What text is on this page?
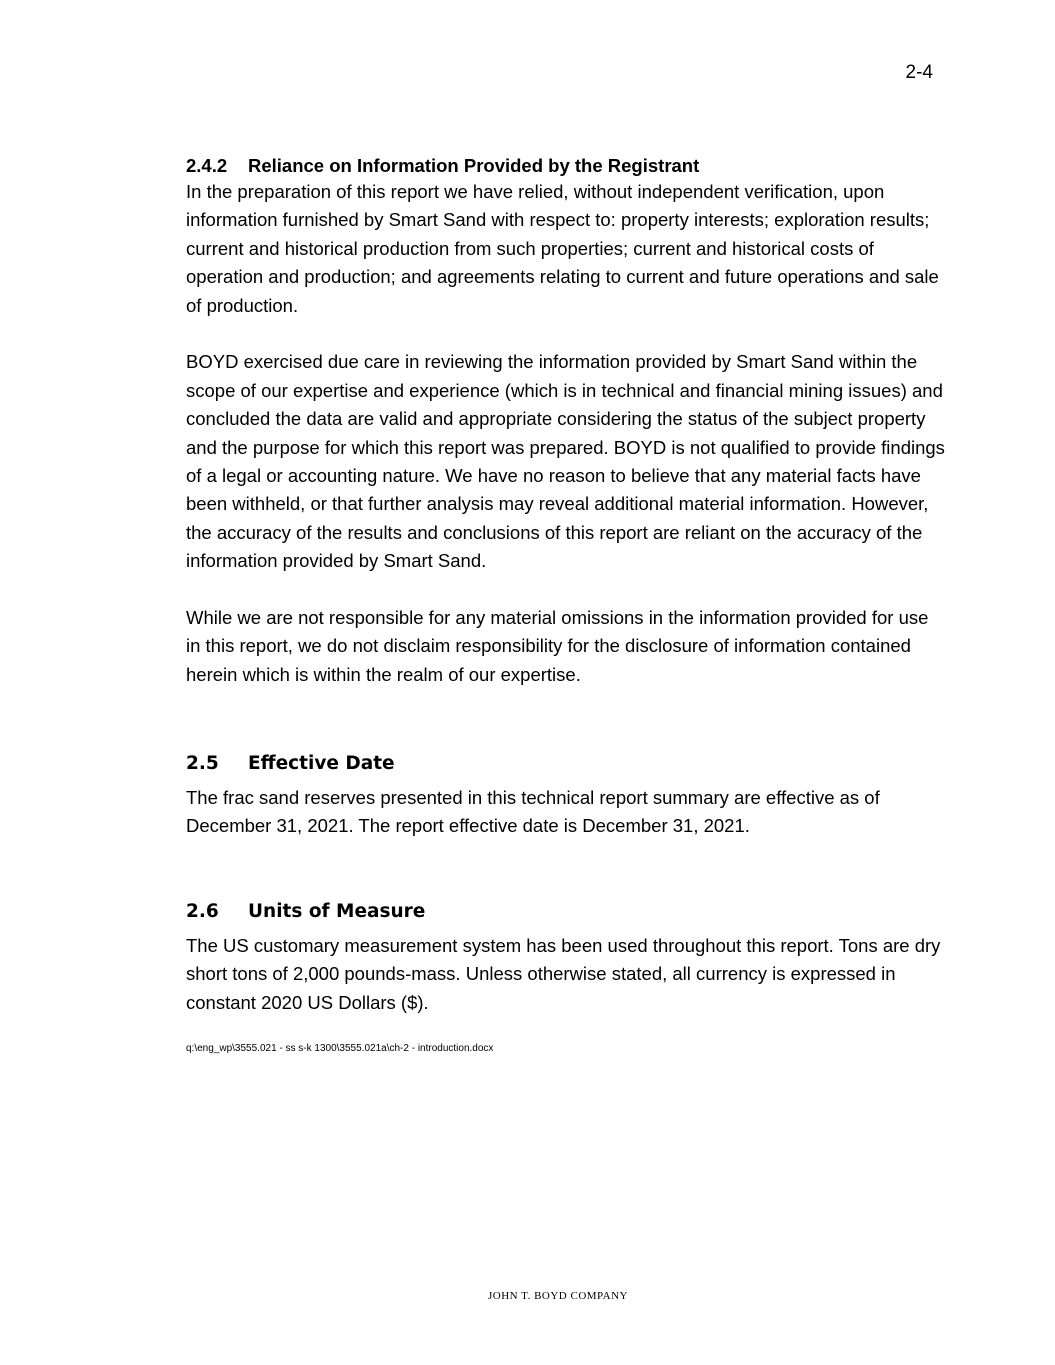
2-4
2.4.2 Reliance on Information Provided by the Registrant

In the preparation of this report we have relied, without independent verification, upon information furnished by Smart Sand with respect to: property interests; exploration results; current and historical production from such properties; current and historical costs of operation and production; and agreements relating to current and future operations and sale of production.

BOYD exercised due care in reviewing the information provided by Smart Sand within the scope of our expertise and experience (which is in technical and financial mining issues) and concluded the data are valid and appropriate considering the status of the subject property and the purpose for which this report was prepared. BOYD is not qualified to provide findings of a legal or accounting nature. We have no reason to believe that any material facts have been withheld, or that further analysis may reveal additional material information. However, the accuracy of the results and conclusions of this report are reliant on the accuracy of the information provided by Smart Sand.

While we are not responsible for any material omissions in the information provided for use in this report, we do not disclaim responsibility for the disclosure of information contained herein which is within the realm of our expertise.

2.5 Effective Date

The frac sand reserves presented in this technical report summary are effective as of December 31, 2021. The report effective date is December 31, 2021.

2.6 Units of Measure

The US customary measurement system has been used throughout this report. Tons are dry short tons of 2,000 pounds-mass. Unless otherwise stated, all currency is expressed in constant 2020 US Dollars ($).

q:\eng_wp\3555.021 - ss s-k 1300\3555.021a\ch-2 - introduction.docx
JOHN T. BOYD COMPANY
